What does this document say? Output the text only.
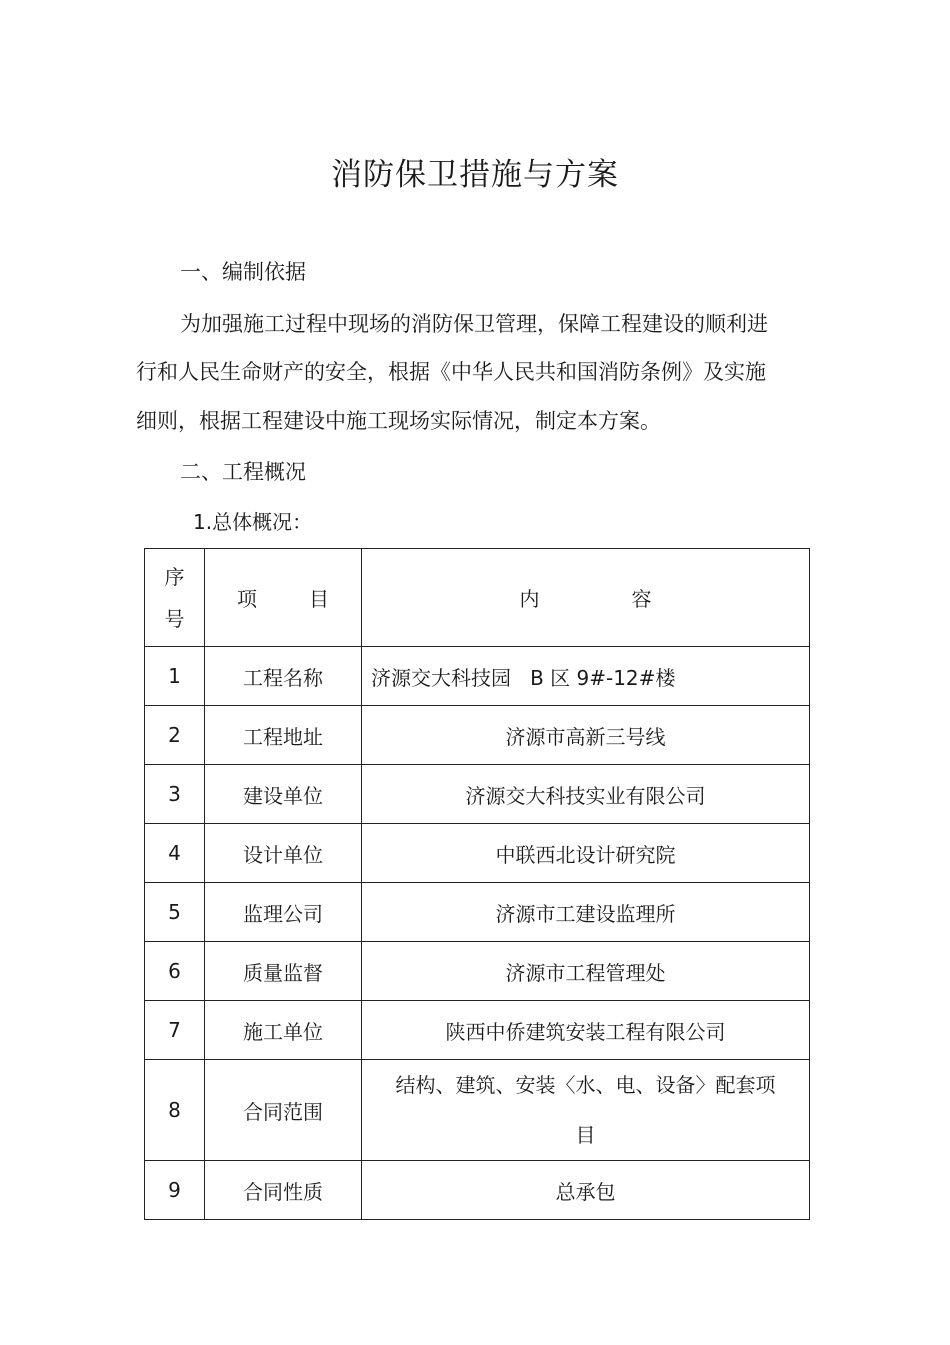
消防保卫措施与方案
一、编制依据
为加强施工过程中现场的消防保卫管理，保障工程建设的顺利进
行和人民生命财产的安全，根据《中华人民共和国消防条例》及实施
细则，根据工程建设中施工现场实际情况，制定本方案。
二、工程概况
1.总体概况：
序
号	项 目	内 容
1	工程名称	济源交大科技园   B 区 9#-12#楼
2	工程地址	济源市高新三号线
3	建设单位	济源交大科技实业有限公司
4	设计单位	中联西北设计研究院
5	监理公司	济源市工建设监理所
6	质量监督	济源市工程管理处
7	施工单位	陕西中侨建筑安装工程有限公司
8	合同范围	结构、建筑、安装〈水、电、设备〉配套项目
9	合同性质	总承包
